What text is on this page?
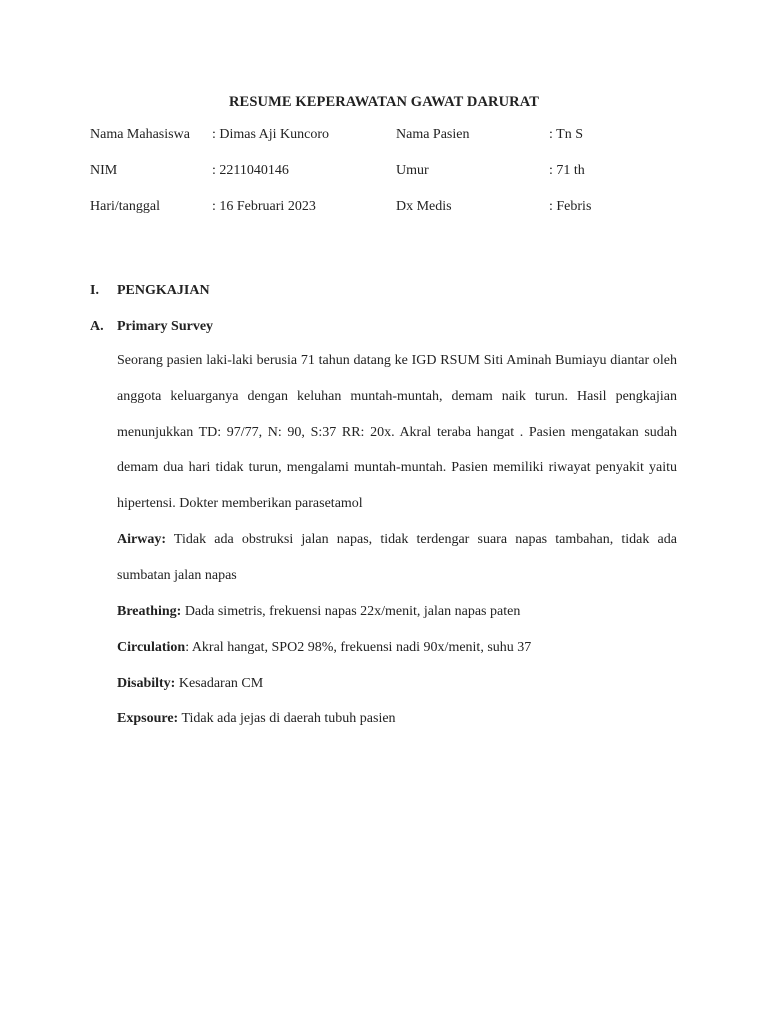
RESUME KEPERAWATAN GAWAT DARURAT
Nama Mahasiswa : Dimas Aji Kuncoro	Nama Pasien	: Tn S
NIM	: 2211040146	Umur	: 71 th
Hari/tanggal	: 16 Februari 2023	Dx Medis	: Febris
I. PENGKAJIAN
A. Primary Survey

Seorang pasien laki-laki berusia 71 tahun datang ke IGD RSUM Siti Aminah Bumiayu diantar oleh anggota keluarganya dengan keluhan muntah-muntah, demam naik turun. Hasil pengkajian menunjukkan TD: 97/77, N: 90, S:37 RR: 20x. Akral teraba hangat . Pasien mengatakan sudah demam dua hari tidak turun, mengalami muntah-muntah. Pasien memiliki riwayat penyakit yaitu hipertensi. Dokter memberikan parasetamol

Airway: Tidak ada obstruksi jalan napas, tidak terdengar suara napas tambahan, tidak ada sumbatan jalan napas
Breathing: Dada simetris, frekuensi napas 22x/menit, jalan napas paten
Circulation: Akral hangat, SPO2 98%, frekuensi nadi 90x/menit, suhu 37
Disabilty: Kesadaran CM
Expsoure: Tidak ada jejas di daerah tubuh pasien
